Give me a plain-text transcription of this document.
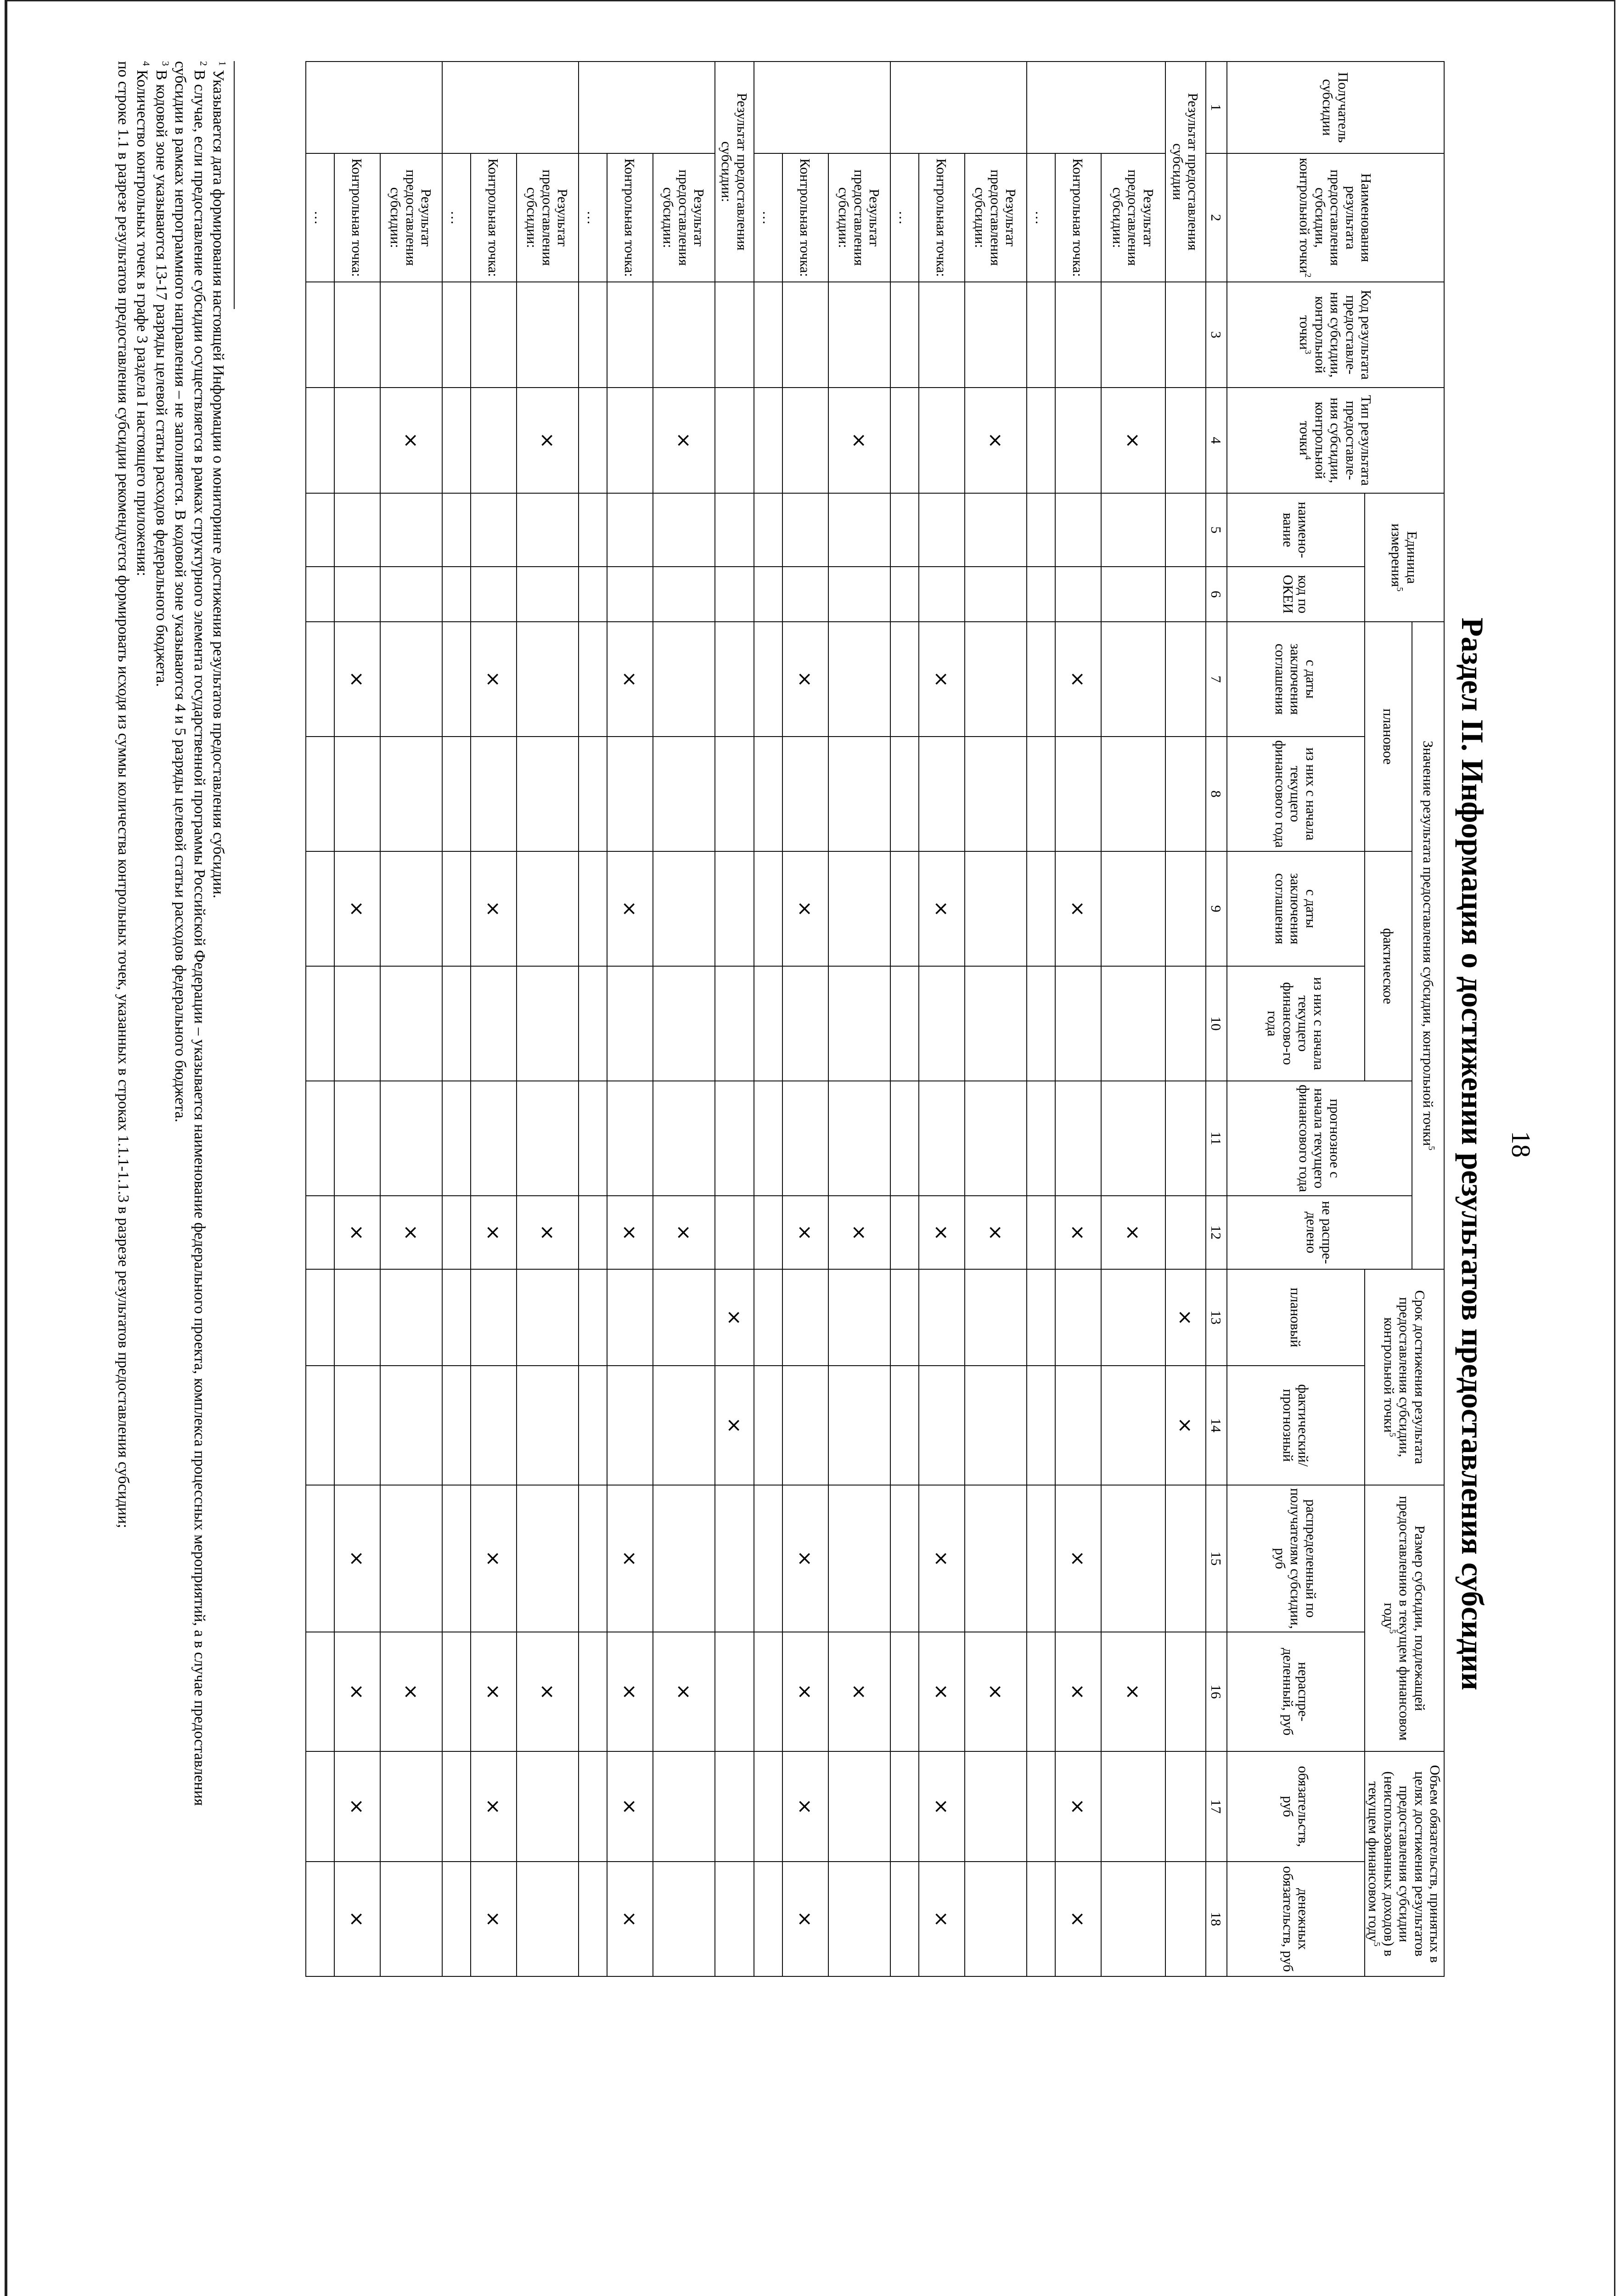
18
Раздел II. Информация о достижении результатов предоставления субсидии
Получатель субсидии	Наименования результата предоставления субсидии, контрольной точки$^2$	Код результата предоставле-ния субсидии, контрольной точки$^3$	Тип результата предоставле-ния субсидии, контрольной точки$^4$	Единица измерения$^5$		Значение результата предоставления субсидии, контрольной точки$^5$						Срок достижения результата предоставления субсидии, контрольной точки$^5$		Размер субсидии, подлежащей предоставлению в текущем финансовом году$^5$		Объем обязательств, принятых в целях достижения результатов предоставления субсидии (неиспользованных доходов) в текущем финансовом году$^5$
						плановое		фактическое		прогнозное с начала текущего финансового года	не распре-делено						
				наимено-вание	код по ОКЕИ	с даты заключения соглашения	из них с начала текущего финансового года	с даты заключения соглашения	из них с начала текущего финансово-го года			плановый	фактический/ прогнозный	распределенный по получателям субсидии, руб	нераспре-деленный, руб	обязательств, руб	денежных обязательств, руб
1	2	3	4	5	6	7	8	9	10	11	12	13	14	15	16	17	18
Результат предоставления субсидии												×	×				
	Результат предоставления субсидии:		×								×				×		
	Контрольная точка:					×		×			×			×	×	×	×
	…																
	Результат предоставления субсидии:		×								×				×		
	Контрольная точка:					×		×			×			×	×	×	×
	…																
	Результат предоставления субсидии:		×								×				×		
	Контрольная точка:					×		×			×			×	×	×	×
	…																
Результат предоставления субсидии:												×	×				
	Результат предоставления субсидии:		×								×				×		
	Контрольная точка:					×		×			×			×	×	×	×
	…																
	Результат предоставления субсидии:		×								×				×		
	Контрольная точка:					×		×			×			×	×	×	×
	…																
	Результат предоставления субсидии:		×								×				×		
	Контрольная точка:					×		×			×			×	×	×	×
	…																
$^1$ Указывается дата формирования настоящей Информации о мониторинге достижения результатов предоставления субсидии.
$^2$ В случае, если предоставление субсидии осуществляется в рамках структурного элемента государственной программы Российской Федерации – указывается наименование федерального проекта, комплекса процессных мероприятий, а в случае предоставления
субсидии в рамках непрограммного направления – не заполняется. В кодовой зоне указываются 4 и 5 разряды целевой статьи расходов федерального бюджета.
$^3$ В кодовой зоне указываются 13-17 разряды целевой статьи расходов федерального бюджета.
$^4$ Количество контрольных точек в графе 3 раздела I настоящего приложения:
по строке 1.1 в разрезе результатов предоставления субсидии рекомендуется формировать исходя из суммы количества контрольных точек, указанных в строках 1.1.1-1.1.3 в разрезе результатов предоставления субсидии;
